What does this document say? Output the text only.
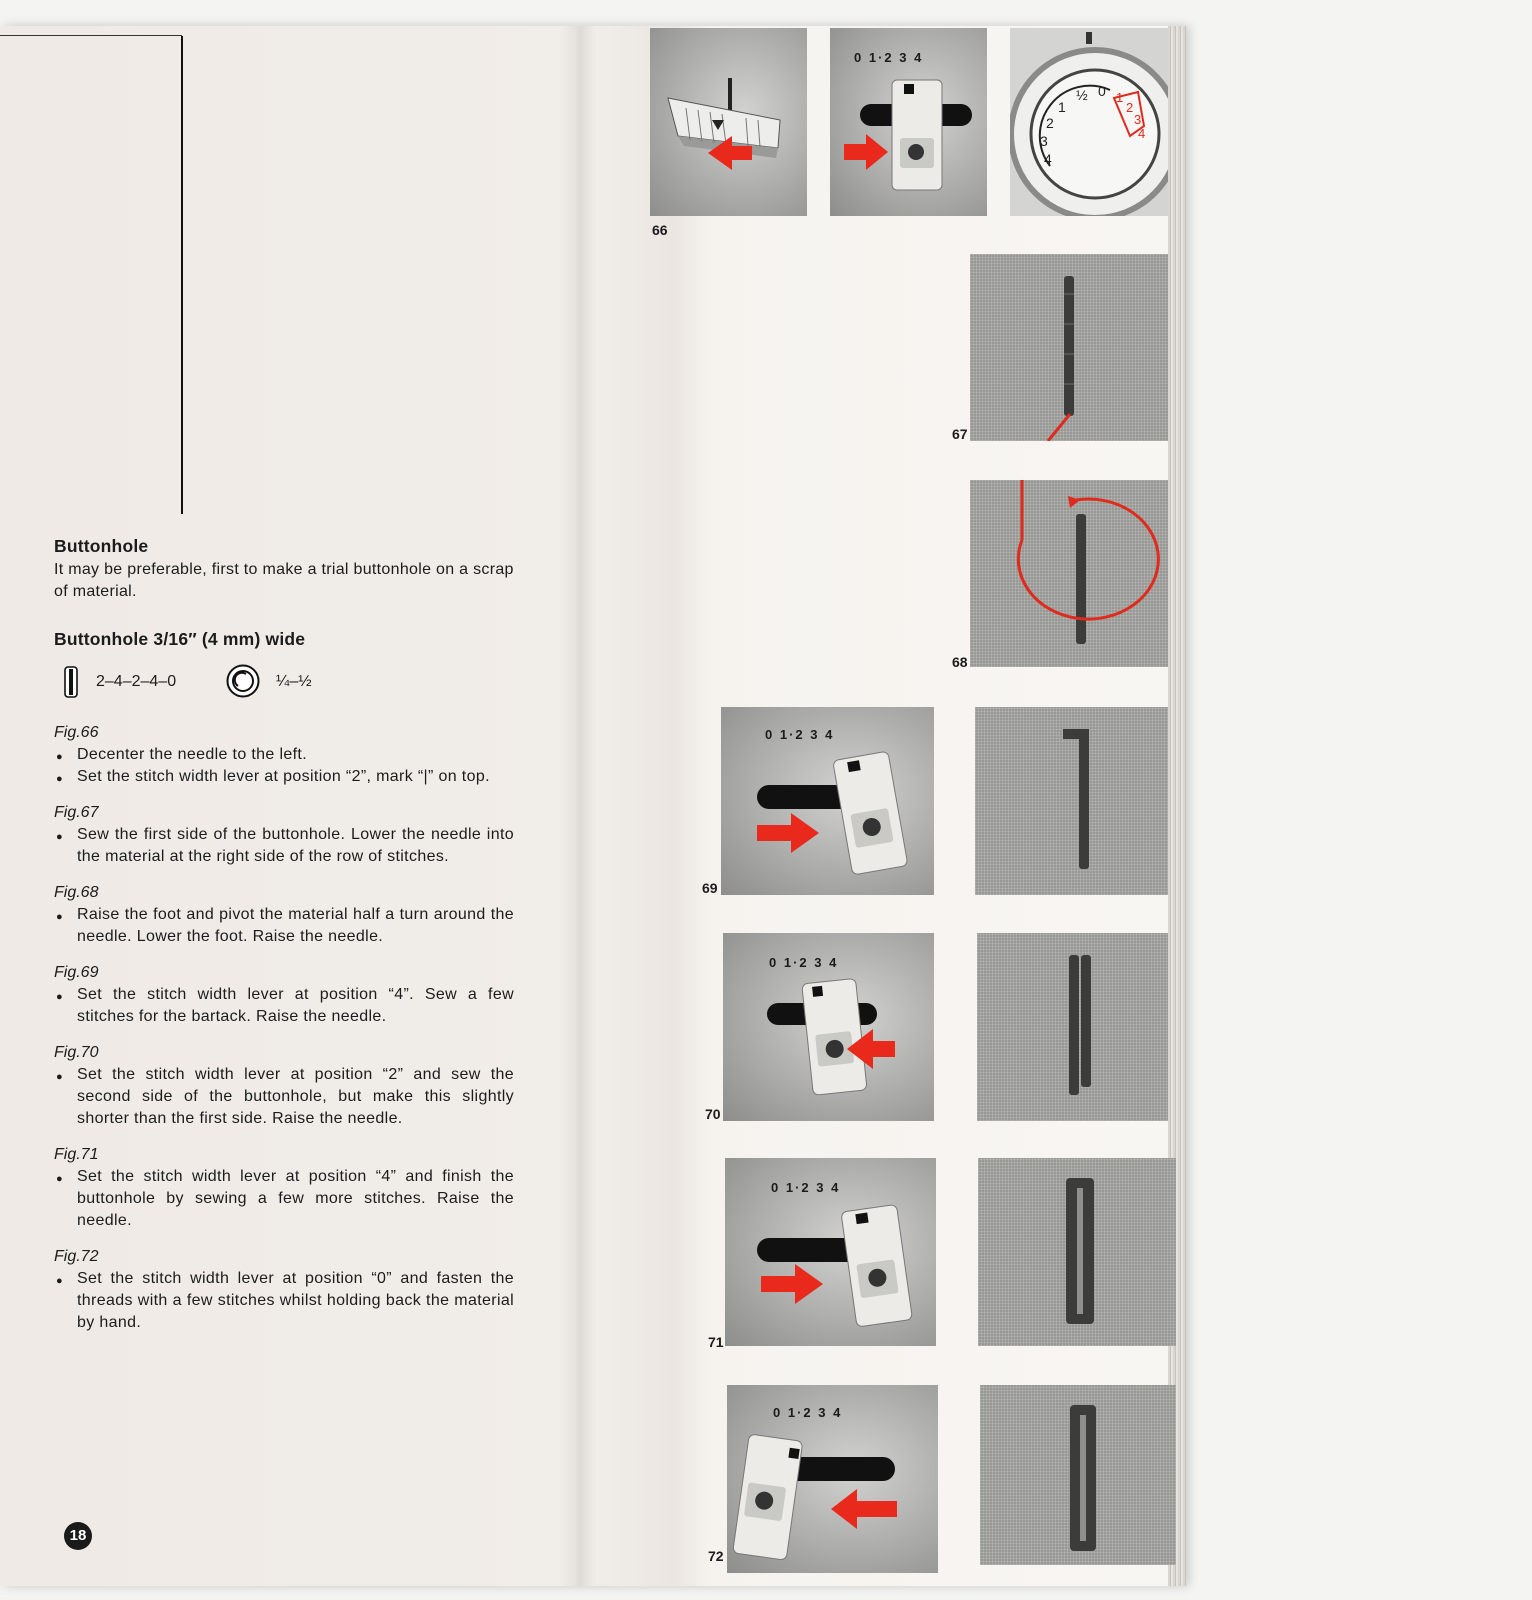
Buttonhole

It may be preferable, first to make a trial buttonhole on a scrap of material.

Buttonhole 3/16″ (4 mm) wide
2–4–2–4–0	¼–½
Fig.66
● Decenter the needle to the left.
● Set the stitch width lever at position “2”, mark “|” on top.
Fig.67
● Sew the first side of the buttonhole. Lower the needle into the material at the right side of the row of stitches.
Fig.68
● Raise the foot and pivot the material half a turn around the needle. Lower the foot. Raise the needle.
Fig.69
● Set the stitch width lever at position “4”. Sew a few stitches for the bartack. Raise the needle.
Fig.70
● Set the stitch width lever at position “2” and sew the second side of the buttonhole, but make this slightly shorter than the first side. Raise the needle.
Fig.71
● Set the stitch width lever at position “4” and finish the buttonhole by sewing a few more stitches. Raise the needle.
Fig.72
● Set the stitch width lever at position “0” and fasten the threads with a few stitches whilst holding back the material by hand.
18
66
0 1·2 3 4
4
3
2
1
½ 0 1
2
3
4
67
68
0 1·2 3 4
69
0 1·2 3 4
70
0 1·2 3 4
71
0 1·2 3 4
72
